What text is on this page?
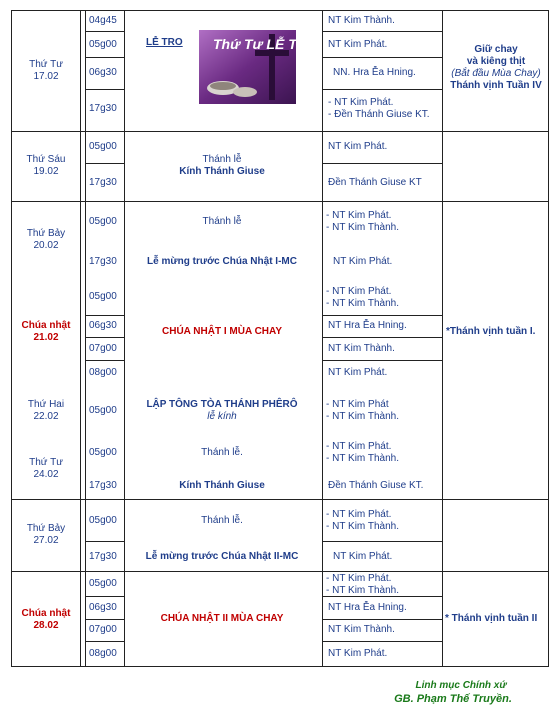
Thứ Tư
17.02
04g45
05g00
06g30
17g30
LỄ TRO Thứ Tư LỄ TRO
NT Kim Thành.
NT Kim Phát.
NN. Hra Ê̆a Hning.
- NT Kim Phát.
- Đền Thánh Giuse KT.
Giữ chay
và kiêng thịt
(Bắt đầu Mùa Chay)
Thánh vịnh Tuần IV
Thứ Sáu
19.02
05g00
17g30
Thánh lễ
Kính Thánh Giuse
NT Kim Phát.
Đền Thánh Giuse KT
Thứ Bảy
20.02
05g00
17g30
Thánh lễ
Lễ mừng trước Chúa Nhật I-MC
- NT Kim Phát.
- NT Kim Thành.
NT Kim Phát.
Chúa nhật
21.02
05g00
06g30
07g00
08g00
CHÚA NHẬT I MÙA CHAY
- NT Kim Phát.
- NT Kim Thành.
NT Hra Ê̆a Hning.
NT Kim Thành.
NT Kim Phát.
*Thánh vịnh tuần I.
Thứ Hai
22.02
05g00
LẬP TÔNG TÒA THÁNH PHÊRÔ
lễ kính
- NT Kim Phát
- NT Kim Thành.
Thứ Tư
24.02
05g00
17g30
Thánh lễ.
Kính Thánh Giuse
- NT Kim Phát.
- NT Kim Thành.
Đền Thánh Giuse KT.
Thứ Bảy
27.02
05g00
17g30
Thánh lễ.
Lễ mừng trước Chúa Nhật II-MC
- NT Kim Phát.
- NT Kim Thành.
NT Kim Phát.
Chúa nhật
28.02
05g00
06g30
07g00
08g00
CHÚA NHẬT II MÙA CHAY
- NT Kim Phát.
- NT Kim Thành.
NT Hra Ê̆a Hning.
NT Kim Thành.
NT Kim Phát.
* Thánh vịnh tuần II
Linh mục Chính xứ
GB. Phạm Thế Truyền.
